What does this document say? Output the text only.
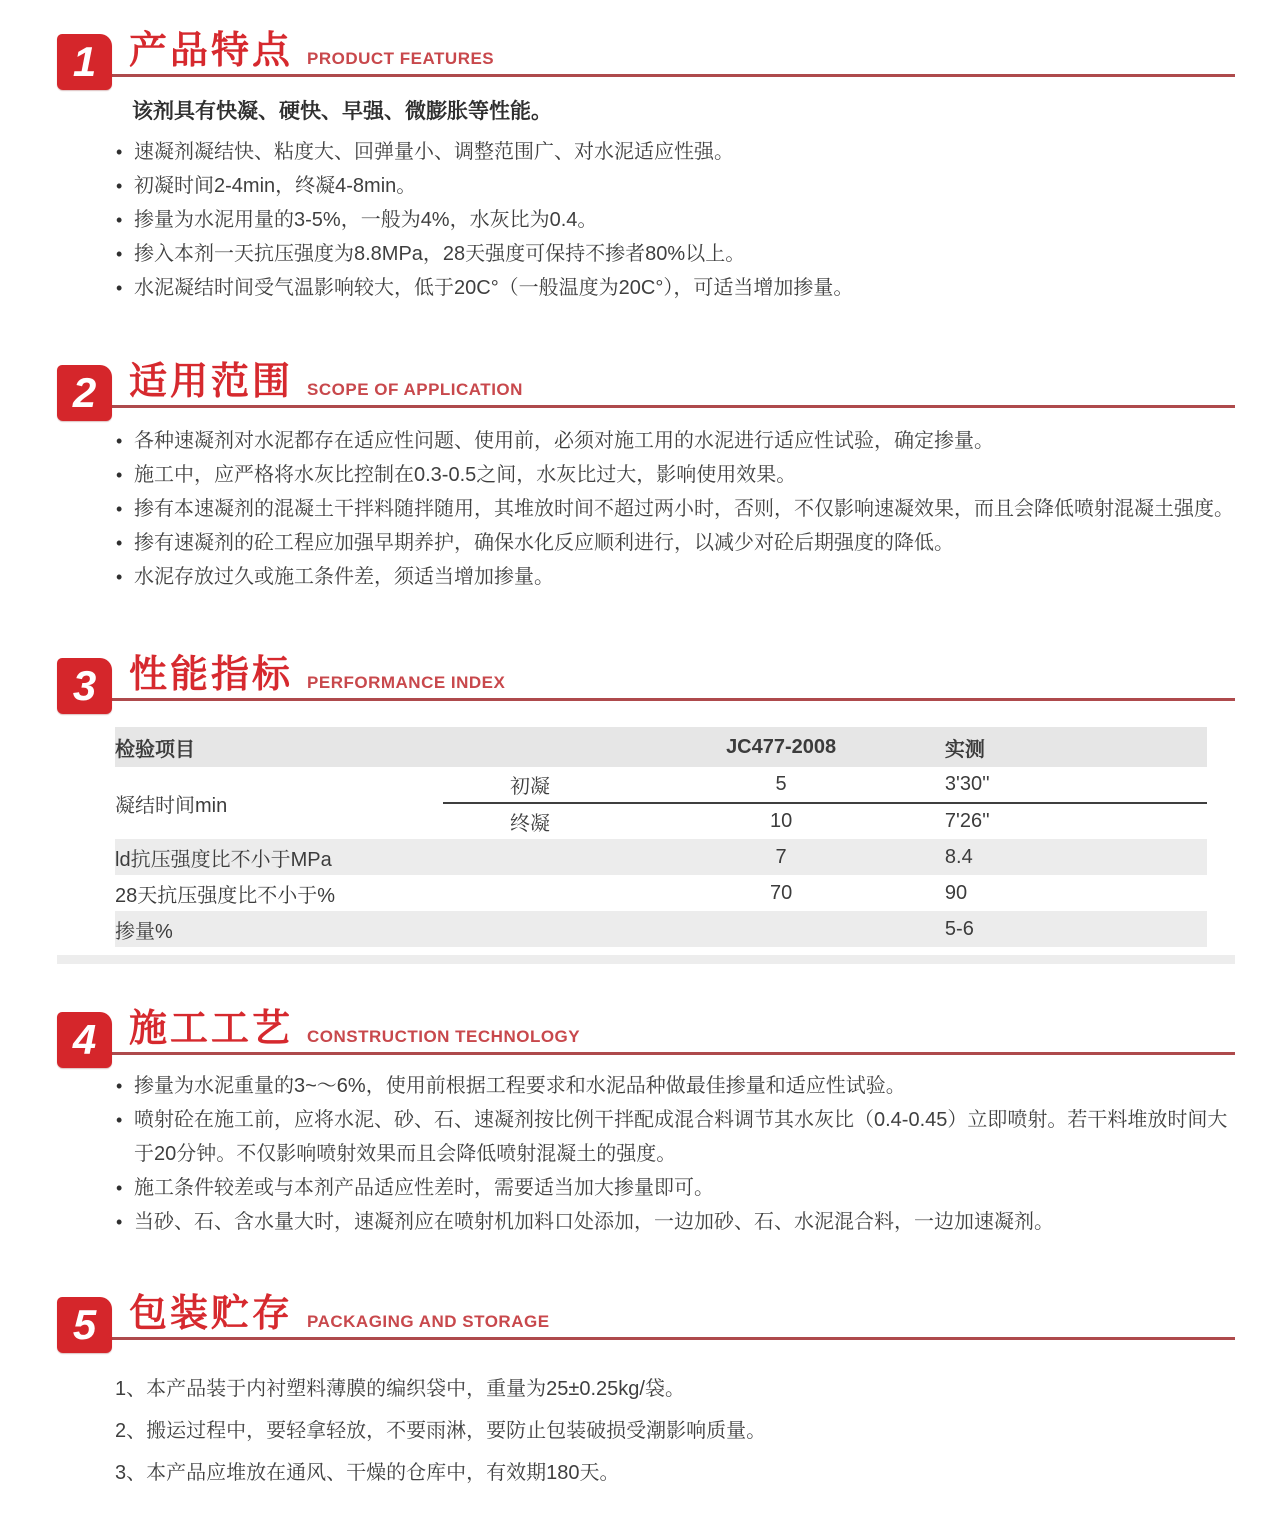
1 产品特点 PRODUCT FEATURES

该剂具有快凝、硬快、早强、微膨胀等性能。

• 速凝剂凝结快、粘度大、回弹量小、调整范围广、对水泥适应性强。
• 初凝时间2-4min，终凝4-8min。
• 掺量为水泥用量的3-5%，一般为4%，水灰比为0.4。
• 掺入本剂一天抗压强度为8.8MPa，28天强度可保持不掺者80%以上。
• 水泥凝结时间受气温影响较大，低于20C°（一般温度为20C°），可适当增加掺量。
2 适用范围 SCOPE OF APPLICATION
• 各种速凝剂对水泥都存在适应性问题、使用前，必须对施工用的水泥进行适应性试验，确定掺量。
• 施工中，应严格将水灰比控制在0.3-0.5之间，水灰比过大，影响使用效果。
• 掺有本速凝剂的混凝土干拌料随拌随用，其堆放时间不超过两小时，否则，不仅影响速凝效果，而且会降低喷射混凝土强度。
• 掺有速凝剂的砼工程应加强早期养护，确保水化反应顺利进行，以减少对砼后期强度的降低。
• 水泥存放过久或施工条件差，须适当增加掺量。
3 性能指标 PERFORMANCE INDEX
检验项目		JC477-2008	实测
凝结时间min	初凝	5	3'30''
	终凝	10	7'26''
ld抗压强度比不小于MPa		7	8.4
28天抗压强度比不小于%		70	90
掺量%			5-6
4 施工工艺 CONSTRUCTION TECHNOLOGY
• 掺量为水泥重量的3~～6%，使用前根据工程要求和水泥品种做最佳掺量和适应性试验。
• 喷射砼在施工前，应将水泥、砂、石、速凝剂按比例干拌配成混合料调节其水灰比（0.4-0.45）立即喷射。若干料堆放时间大于20分钟。不仅影响喷射效果而且会降低喷射混凝土的强度。
• 施工条件较差或与本剂产品适应性差时，需要适当加大掺量即可。
• 当砂、石、含水量大时，速凝剂应在喷射机加料口处添加，一边加砂、石、水泥混合料，一边加速凝剂。
5 包装贮存 PACKAGING AND STORAGE

1、本产品装于内衬塑料薄膜的编织袋中，重量为25±0.25kg/袋。

2、搬运过程中，要轻拿轻放，不要雨淋，要防止包装破损受潮影响质量。

3、本产品应堆放在通风、干燥的仓库中，有效期180天。
